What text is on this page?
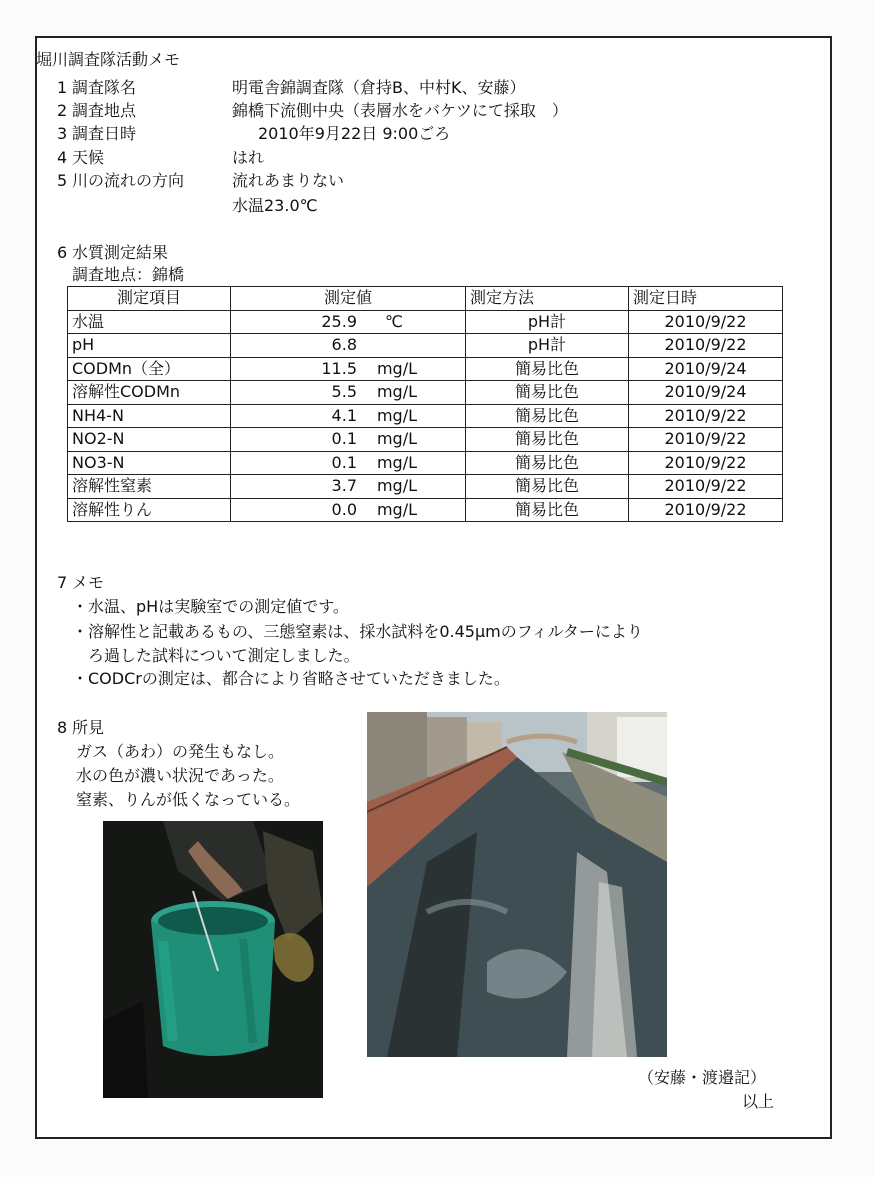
堀川調査隊活動メモ
1 調査隊名	明電舎錦調査隊（倉持B、中村K、安藤）
2 調査地点	錦橋下流側中央（表層水をバケツにて採取　）
3 調査日時	2010年9月22日 9:00ごろ
4 天候	はれ
5 川の流れの方向	流れあまりない
水温23.0℃
6 水質測定結果
調査地点：錦橋
測定項目	測定値	測定方法	測定日時
水温	25.9 ℃	pH計	2010/9/22
pH	6.8	pH計	2010/9/22
CODMn（全）	11.5 mg/L	簡易比色	2010/9/24
溶解性CODMn	5.5 mg/L	簡易比色	2010/9/24
NH4-N	4.1 mg/L	簡易比色	2010/9/22
NO2-N	0.1 mg/L	簡易比色	2010/9/22
NO3-N	0.1 mg/L	簡易比色	2010/9/22
溶解性窒素	3.7 mg/L	簡易比色	2010/9/22
溶解性りん	0.0 mg/L	簡易比色	2010/9/22
7 メモ
・水温、pHは実験室での測定値です。
・溶解性と記載あるもの、三態窒素は、採水試料を0.45μmのフィルターにより
ろ過した試料について測定しました。
・CODCrの測定は、都合により省略させていただきました。
8 所見
ガス（あわ）の発生もなし。
水の色が濃い状況であった。
窒素、りんが低くなっている。
（安藤・渡邉記）
以上
